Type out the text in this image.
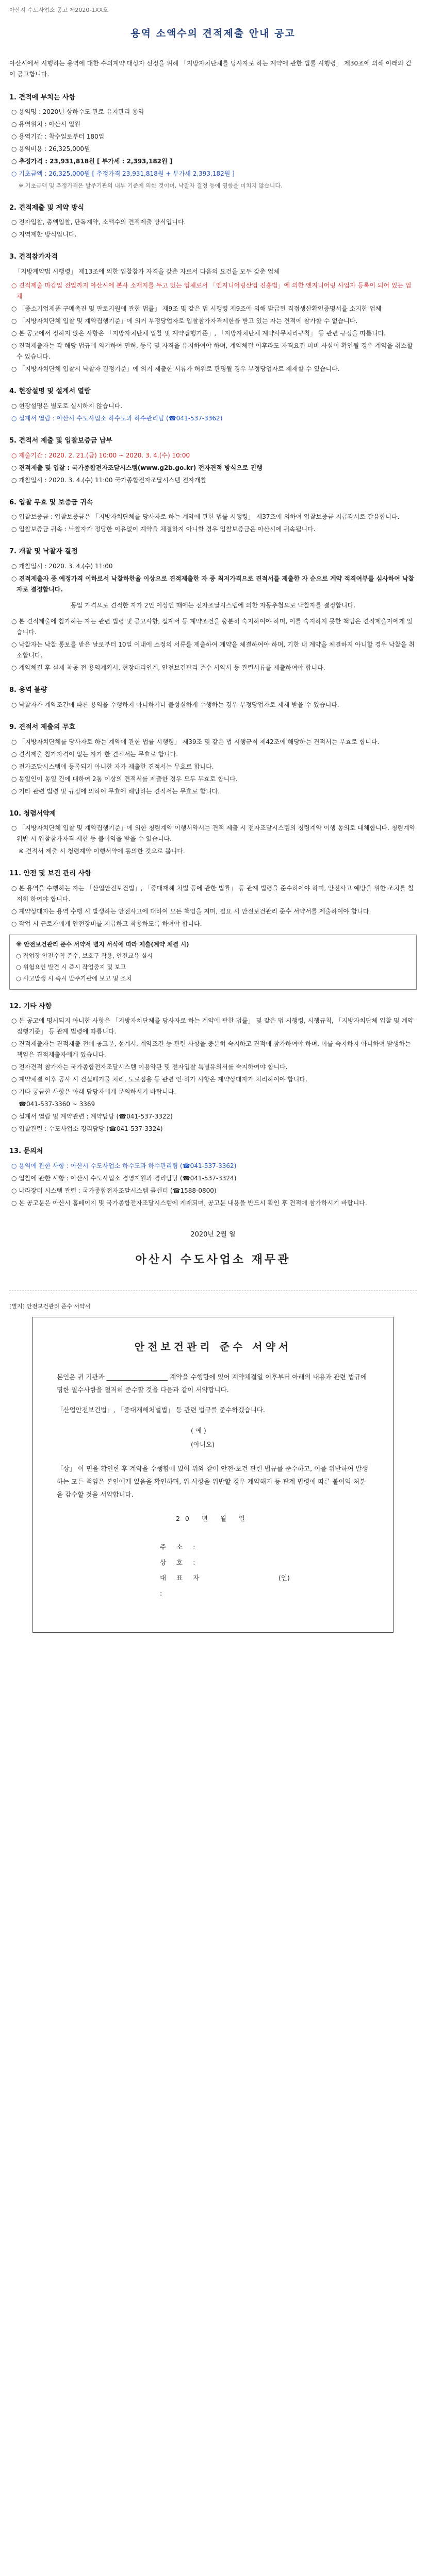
아산시 수도사업소 공고 제2020-1XX호
용역 소액수의 견적제출 안내 공고
아산시에서 시행하는 용역에 대한 수의계약 대상자 선정을 위해 「지방자치단체를 당사자로 하는 계약에 관한 법률 시행령」 제30조에 의해 아래와 같이 공고합니다.
1. 견적에 부치는 사항
○ 용역명 : 2020년 상하수도 관로 유지관리 용역
○ 용역위치 : 아산시 일원
○ 용역기간 : 착수일로부터 180일
○ 용역비용 : 26,325,000원
○ 추정가격 : 23,931,818원 [ 부가세 : 2,393,182원 ]
○ 기초금액 : 26,325,000원 [ 추정가격 23,931,818원 + 부가세 2,393,182원 ]
※ 기초금액 및 추정가격은 발주기관의 내부 기준에 의한 것이며, 낙찰자 결정 등에 영향을 미치지 않습니다.
2. 견적제출 및 계약 방식
○ 전자입찰, 총액입찰, 단독계약, 소액수의 견적제출 방식입니다.
○ 지역제한 방식입니다.
3. 견적참가자격
「지방계약법 시행령」 제13조에 의한 입찰참가 자격을 갖춘 자로서 다음의 요건을 모두 갖춘 업체
○ 견적제출 마감일 전일까지 아산시에 본사 소재지를 두고 있는 업체로서 「엔지니어링산업 진흥법」에 의한 엔지니어링 사업자 등록이 되어 있는 업체
○ 「중소기업제품 구매촉진 및 판로지원에 관한 법률」 제9조 및 같은 법 시행령 제9조에 의해 발급된 직접생산확인증명서를 소지한 업체
○ 「지방자치단체 입찰 및 계약집행기준」에 의거 부정당업자로 입찰참가자격제한을 받고 있는 자는 견적에 참가할 수 없습니다.
○ 본 공고에서 정하지 않은 사항은 「지방자치단체 입찰 및 계약집행기준」, 「지방자치단체 계약사무처리규칙」 등 관련 규정을 따릅니다.
○ 견적제출자는 각 해당 법규에 의거하여 면허, 등록 및 자격을 유지하여야 하며, 계약체결 이후라도 자격요건 미비 사실이 확인될 경우 계약을 취소할 수 있습니다.
○ 「지방자치단체 입찰시 낙찰자 결정기준」에 의거 제출한 서류가 허위로 판명될 경우 부정당업자로 제재할 수 있습니다.
4. 현장설명 및 설계서 열람
○ 현장설명은 별도로 실시하지 않습니다.
○ 설계서 열람 : 아산시 수도사업소 하수도과 하수관리팀 (☎041-537-3362)
5. 견적서 제출 및 입찰보증금 납부
○ 제출기간 : 2020. 2. 21.(금) 10:00 ~ 2020. 3. 4.(수) 10:00
○ 견적제출 및 입찰 : 국가종합전자조달시스템(www.g2b.go.kr) 전자견적 방식으로 진행
○ 개찰일시 : 2020. 3. 4.(수) 11:00 국가종합전자조달시스템 전자개찰
6. 입찰 무효 및 보증금 귀속
○ 입찰보증금 : 입찰보증금은 「지방자치단체를 당사자로 하는 계약에 관한 법률 시행령」 제37조에 의하여 입찰보증금 지급각서로 갈음합니다.
○ 입찰보증금 귀속 : 낙찰자가 정당한 이유없이 계약을 체결하지 아니할 경우 입찰보증금은 아산시에 귀속됩니다.
7. 개찰 및 낙찰자 결정
○ 개찰일시 : 2020. 3. 4.(수) 11:00
○ 견적제출자 중 예정가격 이하로서 낙찰하한율 이상으로 견적제출한 자 중 최저가격으로 견적서를 제출한 자 순으로 계약 적격여부를 심사하여 낙찰자로 결정합니다.
동일 가격으로 견적한 자가 2인 이상인 때에는 전자조달시스템에 의한 자동추첨으로 낙찰자를 결정합니다.
○ 본 견적제출에 참가하는 자는 관련 법령 및 공고사항, 설계서 등 계약조건을 충분히 숙지하여야 하며, 이를 숙지하지 못한 책임은 견적제출자에게 있습니다.
○ 낙찰자는 낙찰 통보를 받은 날로부터 10일 이내에 소정의 서류를 제출하여 계약을 체결하여야 하며, 기한 내 계약을 체결하지 아니할 경우 낙찰을 취소합니다.
○ 계약체결 후 실제 착공 전 용역계획서, 현장대리인계, 안전보건관리 준수 서약서 등 관련서류를 제출하여야 합니다.
8. 용역 불량
○ 낙찰자가 계약조건에 따른 용역을 수행하지 아니하거나 불성실하게 수행하는 경우 부정당업자로 제재 받을 수 있습니다.
9. 견적서 제출의 무효
○ 「지방자치단체를 당사자로 하는 계약에 관한 법률 시행령」 제39조 및 같은 법 시행규칙 제42조에 해당하는 견적서는 무효로 합니다.
○ 견적제출 참가자격이 없는 자가 한 견적서는 무효로 합니다.
○ 전자조달시스템에 등록되지 아니한 자가 제출한 견적서는 무효로 합니다.
○ 동일인이 동일 건에 대하여 2통 이상의 견적서를 제출한 경우 모두 무효로 합니다.
○ 기타 관련 법령 및 규정에 의하여 무효에 해당하는 견적서는 무효로 합니다.
10. 청렴서약제
○ 「지방자치단체 입찰 및 계약집행기준」에 의한 청렴계약 이행서약서는 견적 제출 시 전자조달시스템의 청렴계약 이행 동의로 대체합니다. 청렴계약 위반 시 입찰참가자격 제한 등 불이익을 받을 수 있습니다.
※ 견적서 제출 시 청렴계약 이행서약에 동의한 것으로 봅니다.
11. 안전 및 보건 관리 사항
○ 본 용역을 수행하는 자는 「산업안전보건법」, 「중대재해 처벌 등에 관한 법률」 등 관계 법령을 준수하여야 하며, 안전사고 예방을 위한 조치를 철저히 하여야 합니다.
○ 계약상대자는 용역 수행 시 발생하는 안전사고에 대하여 모든 책임을 지며, 필요 시 안전보건관리 준수 서약서를 제출하여야 합니다.
○ 작업 시 근로자에게 안전장비를 지급하고 착용하도록 하여야 합니다.
※ 안전보건관리 준수 서약서 별지 서식에 따라 제출(계약 체결 시)
○ 작업장 안전수칙 준수, 보호구 착용, 안전교육 실시
○ 위험요인 발견 시 즉시 작업중지 및 보고
○ 사고발생 시 즉시 발주기관에 보고 및 조치
12. 기타 사항
○ 본 공고에 명시되지 아니한 사항은 「지방자치단체를 당사자로 하는 계약에 관한 법률」 및 같은 법 시행령, 시행규칙, 「지방자치단체 입찰 및 계약집행기준」 등 관계 법령에 따릅니다.
○ 견적제출자는 견적제출 전에 공고문, 설계서, 계약조건 등 관련 사항을 충분히 숙지하고 견적에 참가하여야 하며, 이를 숙지하지 아니하여 발생하는 책임은 견적제출자에게 있습니다.
○ 전자견적 참가자는 국가종합전자조달시스템 이용약관 및 전자입찰 특별유의서를 숙지하여야 합니다.
○ 계약체결 이후 공사 시 건설폐기물 처리, 도로점용 등 관련 인·허가 사항은 계약상대자가 처리하여야 합니다.
○ 기타 궁금한 사항은 아래 담당자에게 문의하시기 바랍니다.
☎041-537-3360 ~ 3369
○ 설계서 열람 및 계약관련 : 계약담당 (☎041-537-3322)
○ 입찰관련 : 수도사업소 경리담당 (☎041-537-3324)
13. 문의처
○ 용역에 관한 사항 : 아산시 수도사업소 하수도과 하수관리팀 (☎041-537-3362)
○ 입찰에 관한 사항 : 아산시 수도사업소 경영지원과 경리담당 (☎041-537-3324)
○ 나라장터 시스템 관련 : 국가종합전자조달시스템 콜센터 (☎1588-0800)
○ 본 공고문은 아산시 홈페이지 및 국가종합전자조달시스템에 게재되며, 공고문 내용을 반드시 확인 후 견적에 참가하시기 바랍니다.
2020년 2월 일
아산시 수도사업소 재무관
[별지] 안전보건관리 준수 서약서
안전보건관리 준수 서약서
본인은 귀 기관과 ___________________ 계약을 수행함에 있어 계약체결일 이후부터 아래의 내용과 관련 법규에 명한 필수사항을 철저히 준수할 것을 다음과 같이 서약합니다.
「산업안전보건법」, 「중대재해처벌법」 등 관련 법규를 준수하겠습니다.
( 예 )
(아니오)
「상」 이 면을 확인한 후 계약을 수행함에 있어 위와 같이 안전·보건 관련 법규를 준수하고, 이를 위반하여 발생하는 모든 책임은 본인에게 있음을 확인하며, 위 사항을 위반할 경우 계약해지 등 관계 법령에 따른 불이익 처분을 감수할 것을 서약합니다.
20 년 월 일
주 소 :
상 호 :
대 표 자 :
(인)
